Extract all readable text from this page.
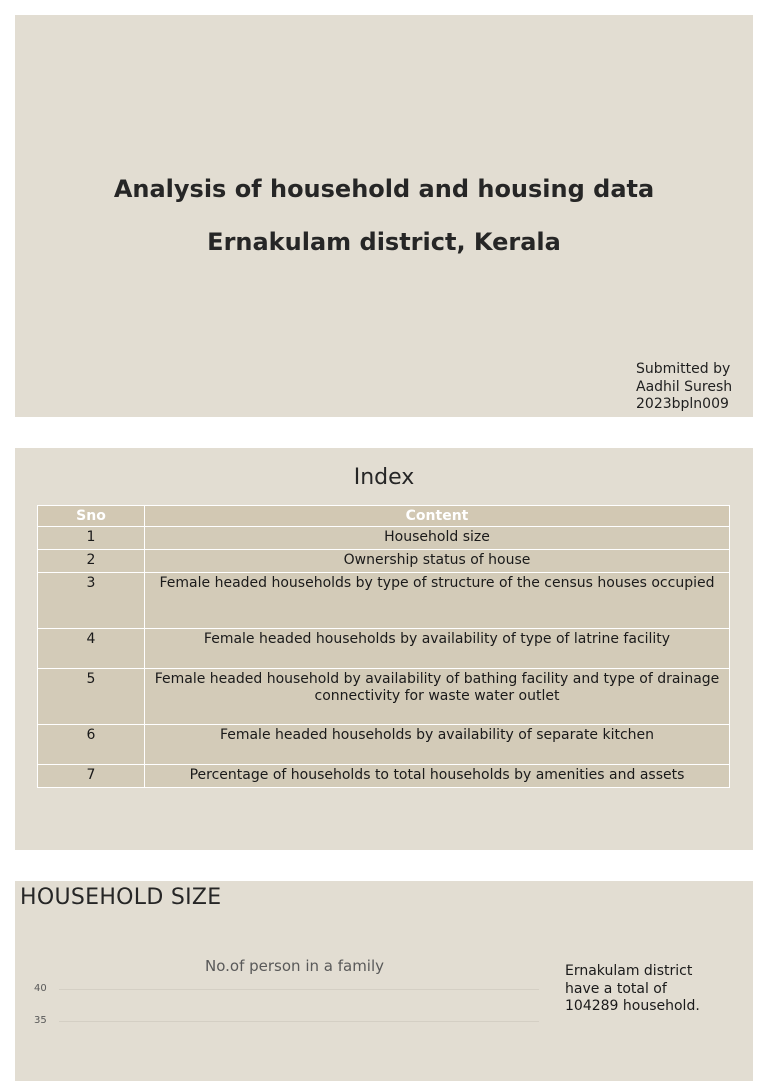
Analysis of household and housing data
Ernakulam district, Kerala
Submitted by
Aadhil Suresh
2023bpln009
Index
Sno	Content
1	Household size
2	Ownership status of house
3	Female headed households by type of structure of the census houses occupied
4	Female headed households by availability of type of latrine facility
5	Female headed household by availability of bathing facility and type of drainage connectivity for waste water outlet
6	Female headed households by availability of separate kitchen
7	Percentage of households to total households by amenities and assets
HOUSEHOLD SIZE
No.of person in a family
40
35
Ernakulam district have a total of 104289 household.
